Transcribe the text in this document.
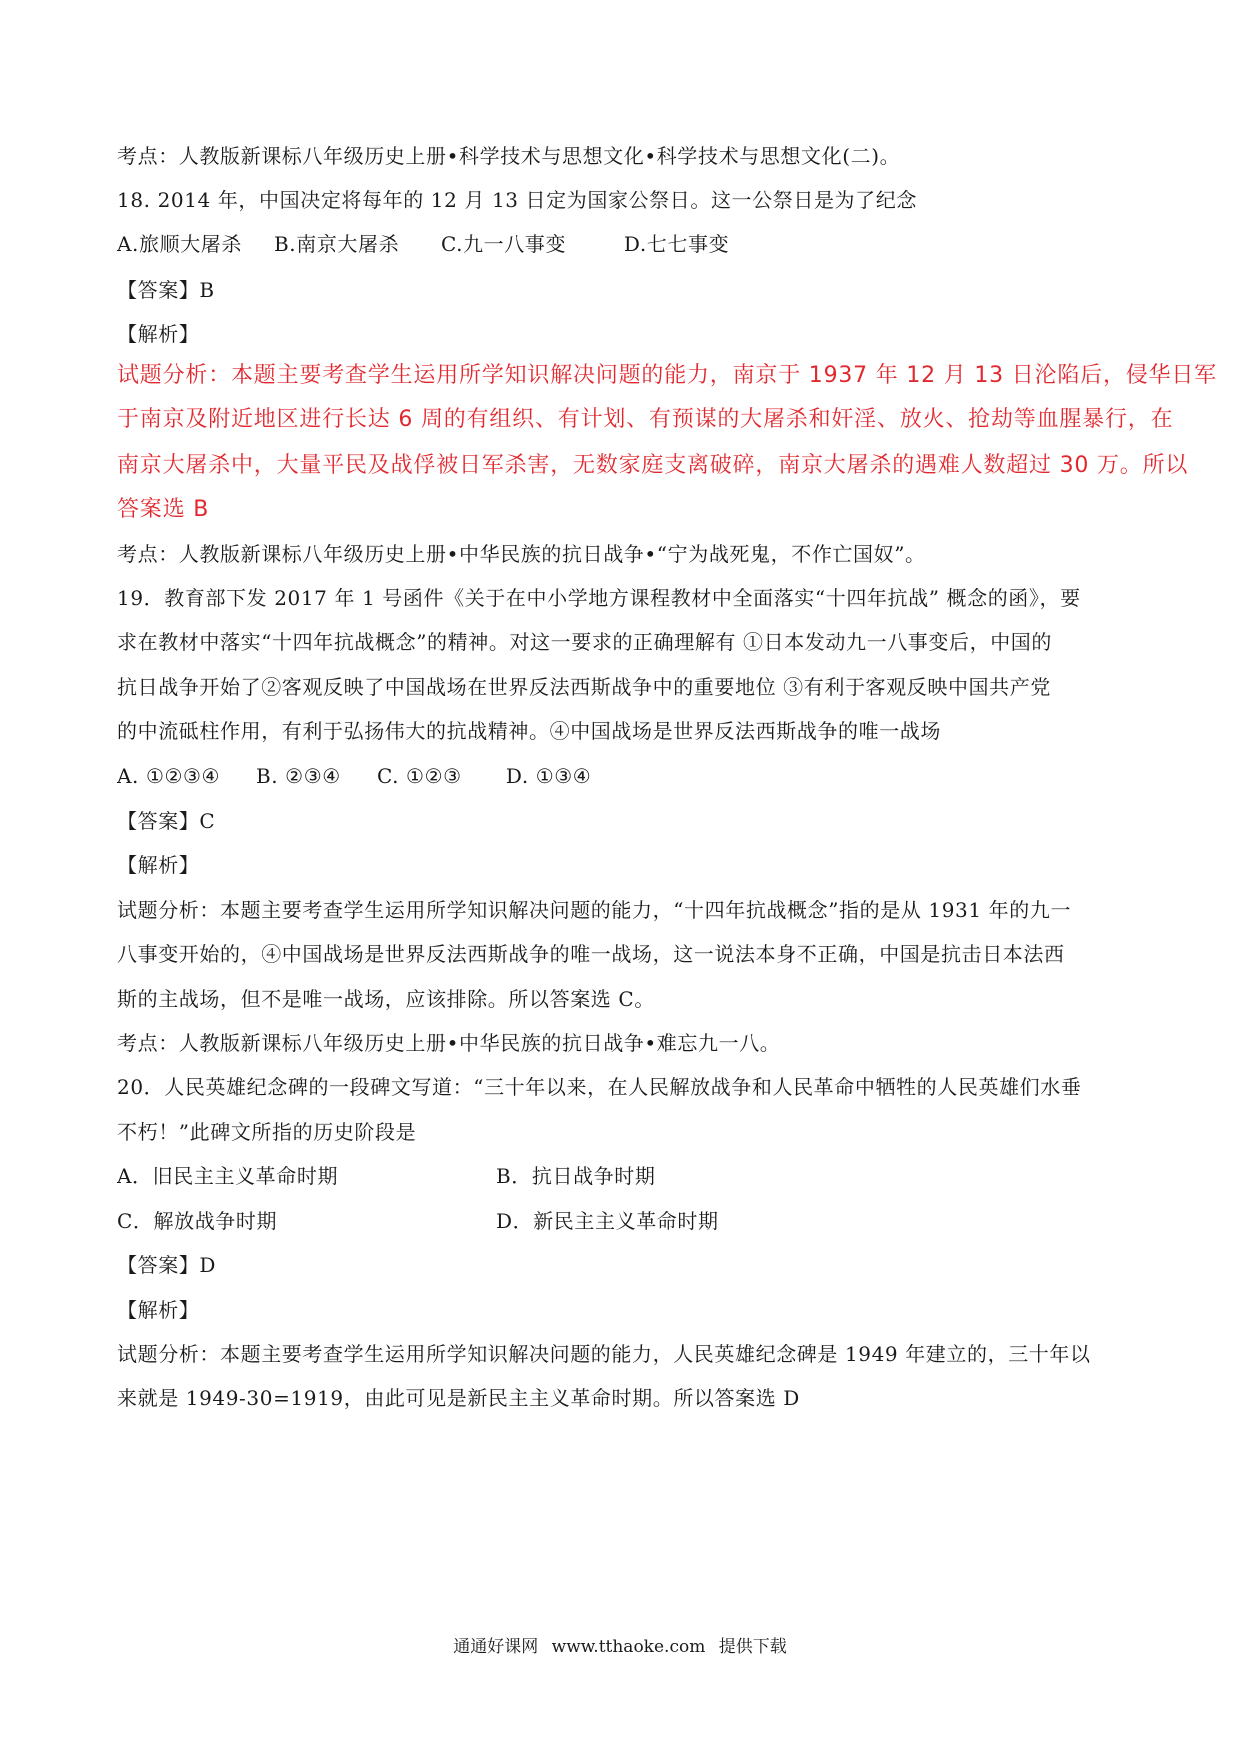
考点：人教版新课标八年级历史上册•科学技术与思想文化•科学技术与思想文化(二)。
18. 2014 年，中国决定将每年的 12 月 13 日定为国家公祭日。这一公祭日是为了纪念
A.旅顺大屠杀 B.南京大屠杀 C.九一八事变	D.七七事变
【答案】B
【解析】
试题分析：本题主要考查学生运用所学知识解决问题的能力，南京于 1937 年 12 月 13 日沦陷后，侵华日军
于南京及附近地区进行长达 6 周的有组织、有计划、有预谋的大屠杀和奸淫、放火、抢劫等血腥暴行，在
南京大屠杀中，大量平民及战俘被日军杀害，无数家庭支离破碎，南京大屠杀的遇难人数超过 30 万。所以
答案选 B
考点：人教版新课标八年级历史上册•中华民族的抗日战争•“宁为战死鬼，不作亡国奴”。
19．教育部下发 2017 年 1 号函件《关于在中小学地方课程教材中全面落实“十四年抗战” 概念的函》，要
求在教材中落实“十四年抗战概念”的精神。对这一要求的正确理解有 ①日本发动九一八事变后，中国的
抗日战争开始了②客观反映了中国战场在世界反法西斯战争中的重要地位 ③有利于客观反映中国共产党
的中流砥柱作用，有利于弘扬伟大的抗战精神。④中国战场是世界反法西斯战争的唯一战场
A. ①②③④ B. ②③④ C. ①②③ D. ①③④
【答案】C
【解析】
试题分析：本题主要考查学生运用所学知识解决问题的能力，“十四年抗战概念”指的是从 1931 年的九一
八事变开始的，④中国战场是世界反法西斯战争的唯一战场，这一说法本身不正确，中国是抗击日本法西
斯的主战场，但不是唯一战场，应该排除。所以答案选 C。
考点：人教版新课标八年级历史上册•中华民族的抗日战争•难忘九一八。
20．人民英雄纪念碑的一段碑文写道：“三十年以来，在人民解放战争和人民革命中牺牲的人民英雄们水垂
不朽！”此碑文所指的历史阶段是
A．旧民主主义革命时期	B．抗日战争时期
C．解放战争时期	D．新民主主义革命时期
【答案】D
【解析】
试题分析：本题主要考查学生运用所学知识解决问题的能力，人民英雄纪念碑是 1949 年建立的，三十年以
来就是 1949-30=1919，由此可见是新民主主义革命时期。所以答案选 D
通通好课网 www.tthaoke.com 提供下载
